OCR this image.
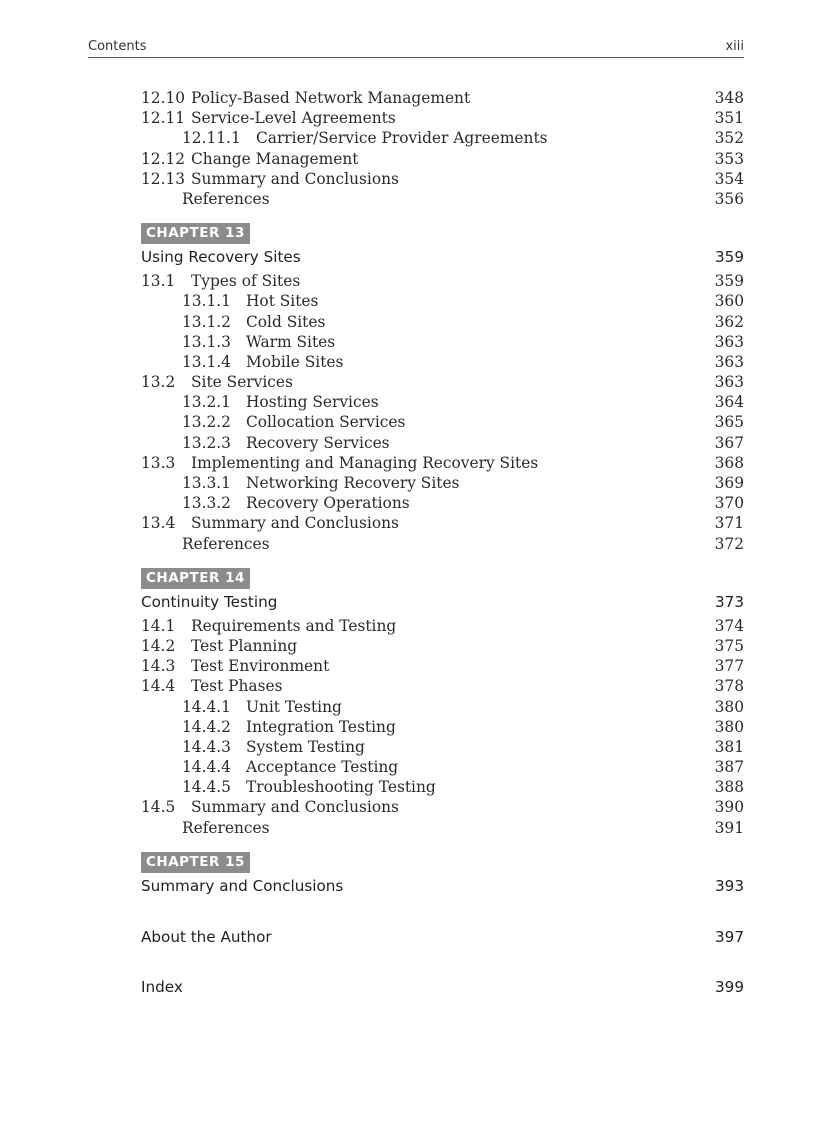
Contents	xiii
12.10 Policy-Based Network Management	348
12.11 Service-Level Agreements	351
12.11.1 Carrier/Service Provider Agreements	352
12.12 Change Management	353
12.13 Summary and Conclusions	354
References	356
CHAPTER 13
Using Recovery Sites	359
13.1 Types of Sites	359
13.1.1 Hot Sites	360
13.1.2 Cold Sites	362
13.1.3 Warm Sites	363
13.1.4 Mobile Sites	363
13.2 Site Services	363
13.2.1 Hosting Services	364
13.2.2 Collocation Services	365
13.2.3 Recovery Services	367
13.3 Implementing and Managing Recovery Sites	368
13.3.1 Networking Recovery Sites	369
13.3.2 Recovery Operations	370
13.4 Summary and Conclusions	371
References	372
CHAPTER 14
Continuity Testing	373
14.1 Requirements and Testing	374
14.2 Test Planning	375
14.3 Test Environment	377
14.4 Test Phases	378
14.4.1 Unit Testing	380
14.4.2 Integration Testing	380
14.4.3 System Testing	381
14.4.4 Acceptance Testing	387
14.4.5 Troubleshooting Testing	388
14.5 Summary and Conclusions	390
References	391
CHAPTER 15
Summary and Conclusions	393
About the Author	397
Index	399
